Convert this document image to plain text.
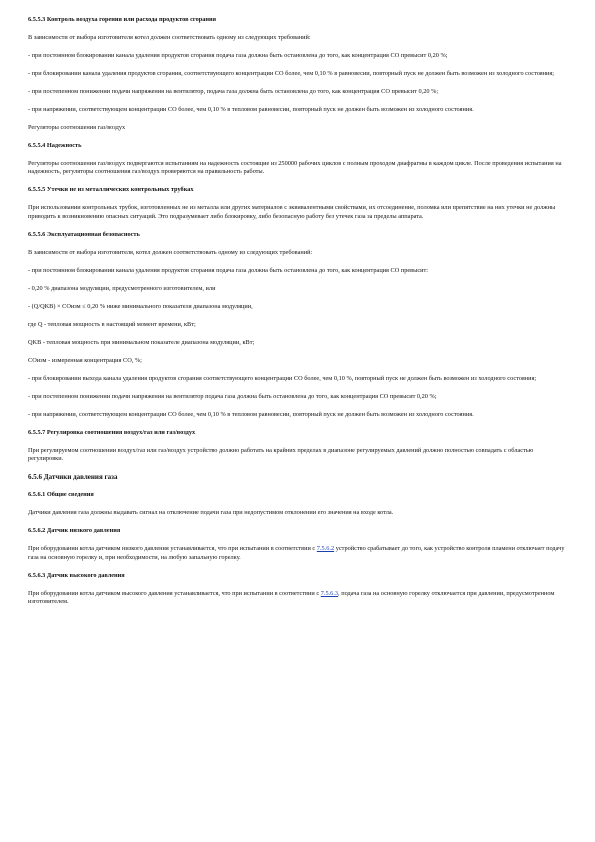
6.5.5.3 Контроль воздуха горения или расхода продуктов сгорания
В зависимости от выбора изготовителя котел должен соответствовать одному из следующих требований:
- при постоянном блокировании канала удаления продуктов сгорания подача газа должна быть остановлена до того, как концентрация CO превысит 0,20 %;
- при блокировании канала удаления продуктов сгорания, соответствующего концентрации CO более, чем 0,10 % в равновесии, повторный пуск не должен быть возможен из холодного состояния;
- при постепенном понижении подачи напряжения на вентилятор, подача газа должна быть остановлена до того, как концентрация CO превысит 0,20 %;
- при напряжении, соответствующем концентрации CO более, чем 0,10 % в тепловом равновесии, повторный пуск не должен быть возможен из холодного состояния.
Регуляторы соотношения газ/воздух
6.5.5.4 Надежность
Регуляторы соотношения газ/воздух подвергаются испытаниям на надежность состоящие из 250000 рабочих циклов с полным проходом диафрагмы в каждом цикле. После проведения испытания на надежность, регуляторы соотношения газ/воздух проверяются на правильность работы.
6.5.5.5 Утечки не из металлических контрольных трубках
При использовании контрольных трубок, изготовленных не из металла или других материалов с эквивалентными свойствами, их отсоединение, поломка или препятствие на них утечки не должны приводить к возникновению опасных ситуаций. Это подразумевает либо блокировку, либо безопасную работу без утечек газа за пределы аппарата.
6.5.5.6 Эксплуатационная безопасность
В зависимости от выбора изготовителя, котел должен соответствовать одному из следующих требований:
- при постоянном блокировании канала удаления продуктов сгорания подача газа должна быть остановлена до того, как концентрация CO превысит:
- 0,20 % диапазона модуляции, предусмотренного изготовителем, или
- (Q/QKB) × COизм ≤ 0,20 % ниже минимального показателя диапазона модуляции,
где Q - тепловая мощность в настоящий момент времени, кВт;
QKB - тепловая мощность при минимальном показателе диапазона модуляции, кВт;
COизм - измеренная концентрация CO, %;
- при блокировании выхода канала удаления продуктов сгорания соответствующего концентрации CO более, чем 0,10 %, повторный пуск не должен быть возможен из холодного состояния;
- при постепенном понижении подачи напряжения на вентилятор подача газа должна быть остановлена до того, как концентрация CO превысит 0,20 %;
- при напряжении, соответствующем концентрации CO более, чем 0,10 % в тепловом равновесии, повторный пуск не должен быть возможен из холодного состояния.
6.5.5.7 Регулировка соотношения воздух/газ или газ/воздух
При регулируемом соотношении воздух/газ или газ/воздух устройство должно работать на крайних пределах в диапазоне регулируемых давлений должно полностью совпадать с областью регулировки.
6.5.6 Датчики давления газа
6.5.6.1 Общие сведения
Датчики давления газа должны выдавать сигнал на отключение подачи газа при недопустимом отклонении его значения на входе котла.
6.5.6.2 Датчик низкого давления
При оборудовании котла датчиком низкого давления устанавливается, что при испытании в соответствии с 7.5.6.2 устройство срабатывает до того, как устройство контроля пламени отключает подачу газа на основную горелку и, при необходимости, на любую запальную горелку.
6.5.6.3 Датчик высокого давления
При оборудовании котла датчиком высокого давления устанавливается, что при испытании в соответствии с 7.5.6.3, подача газа на основную горелку отключается при давлении, предусмотренном изготовителем.
